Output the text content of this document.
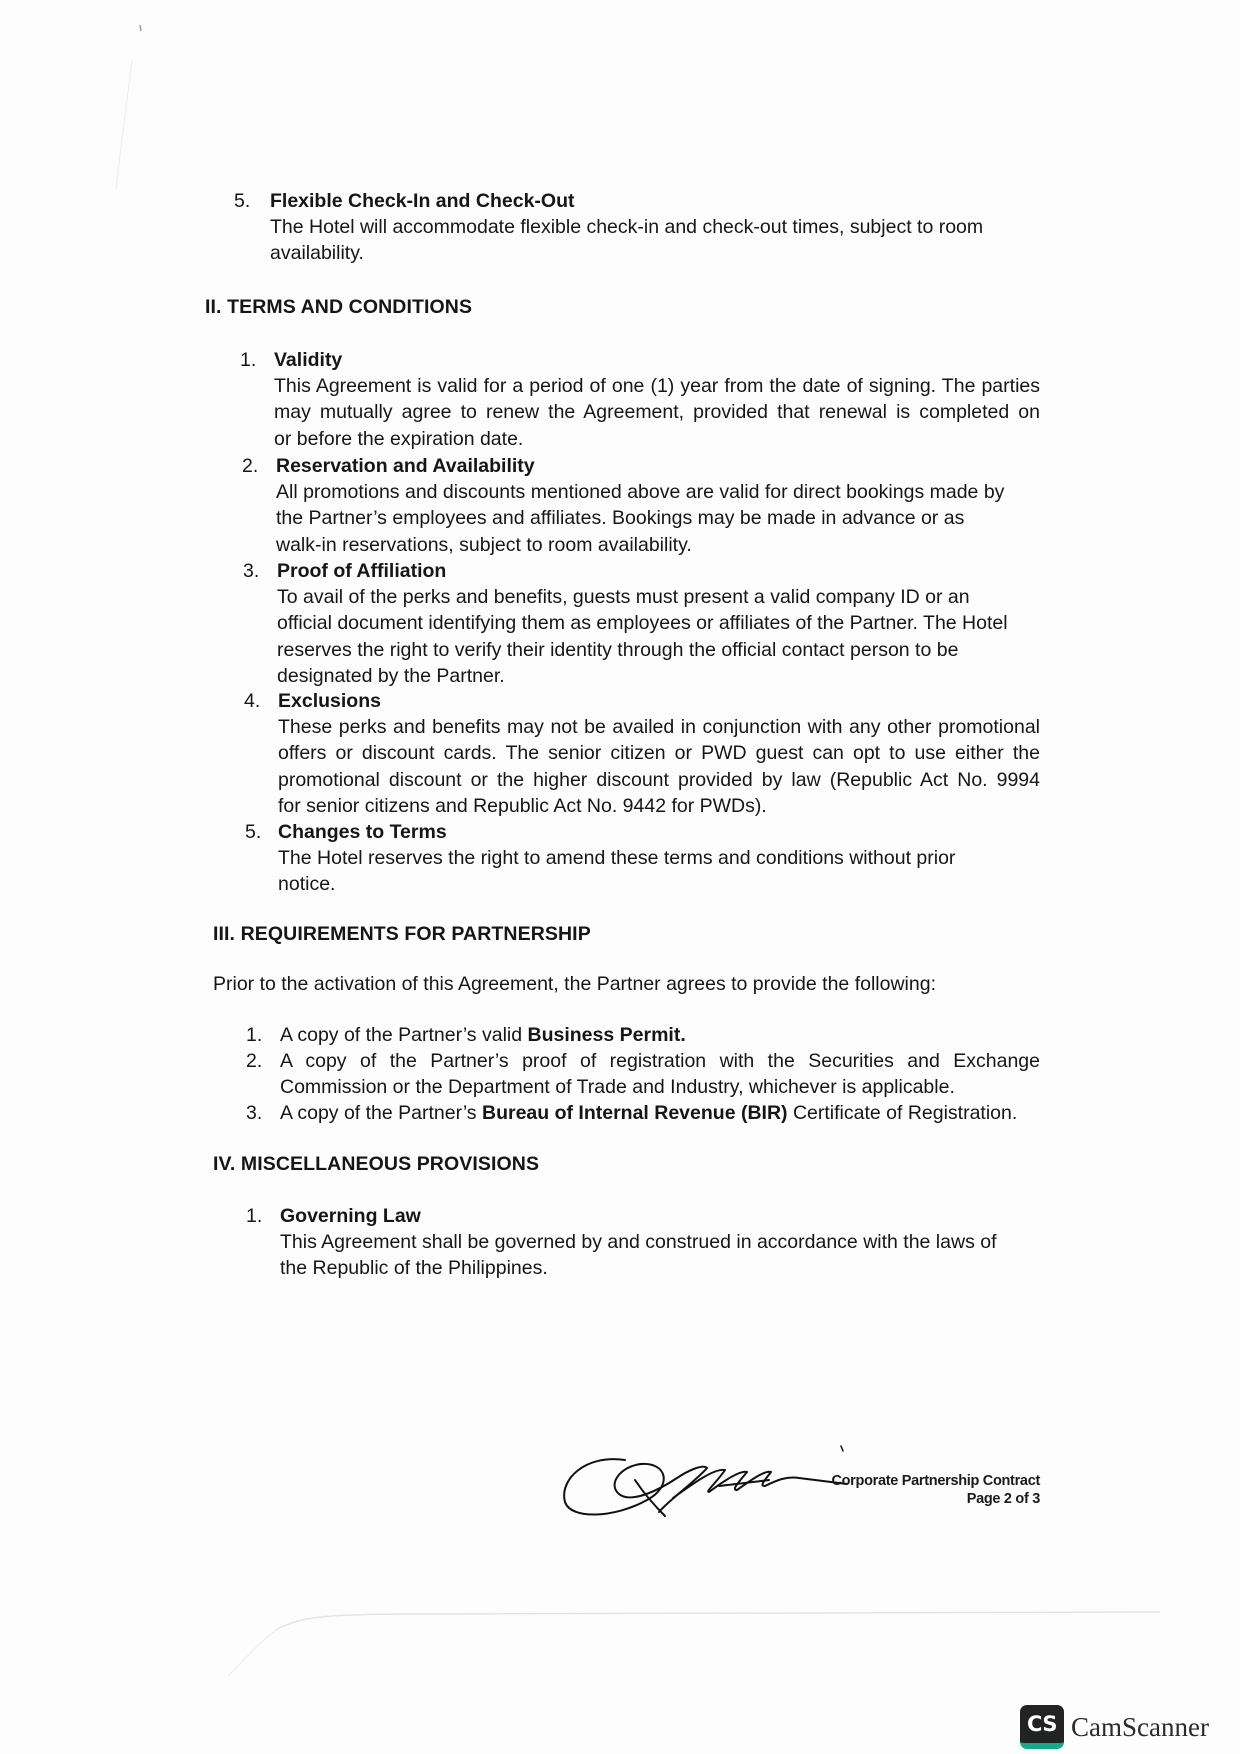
5. Flexible Check-In and Check-Out
The Hotel will accommodate flexible check-in and check-out times, subject to room
availability.
II. TERMS AND CONDITIONS
1. Validity
This Agreement is valid for a period of one (1) year from the date of signing. The parties
may mutually agree to renew the Agreement, provided that renewal is completed on
or before the expiration date.
2. Reservation and Availability
All promotions and discounts mentioned above are valid for direct bookings made by
the Partner’s employees and affiliates. Bookings may be made in advance or as
walk-in reservations, subject to room availability.
3. Proof of Affiliation
To avail of the perks and benefits, guests must present a valid company ID or an
official document identifying them as employees or affiliates of the Partner. The Hotel
reserves the right to verify their identity through the official contact person to be
designated by the Partner.
4. Exclusions
These perks and benefits may not be availed in conjunction with any other promotional
offers or discount cards. The senior citizen or PWD guest can opt to use either the
promotional discount or the higher discount provided by law (Republic Act No. 9994
for senior citizens and Republic Act No. 9442 for PWDs).
5. Changes to Terms
The Hotel reserves the right to amend these terms and conditions without prior
notice.
III. REQUIREMENTS FOR PARTNERSHIP
Prior to the activation of this Agreement, the Partner agrees to provide the following:
1. A copy of the Partner’s valid Business Permit.
2. A copy of the Partner’s proof of registration with the Securities and Exchange
Commission or the Department of Trade and Industry, whichever is applicable.
3. A copy of the Partner’s Bureau of Internal Revenue (BIR) Certificate of Registration.
IV. MISCELLANEOUS PROVISIONS
1. Governing Law
This Agreement shall be governed by and construed in accordance with the laws of
the Republic of the Philippines.
Corporate Partnership Contract
Page 2 of 3
CS CamScanner
